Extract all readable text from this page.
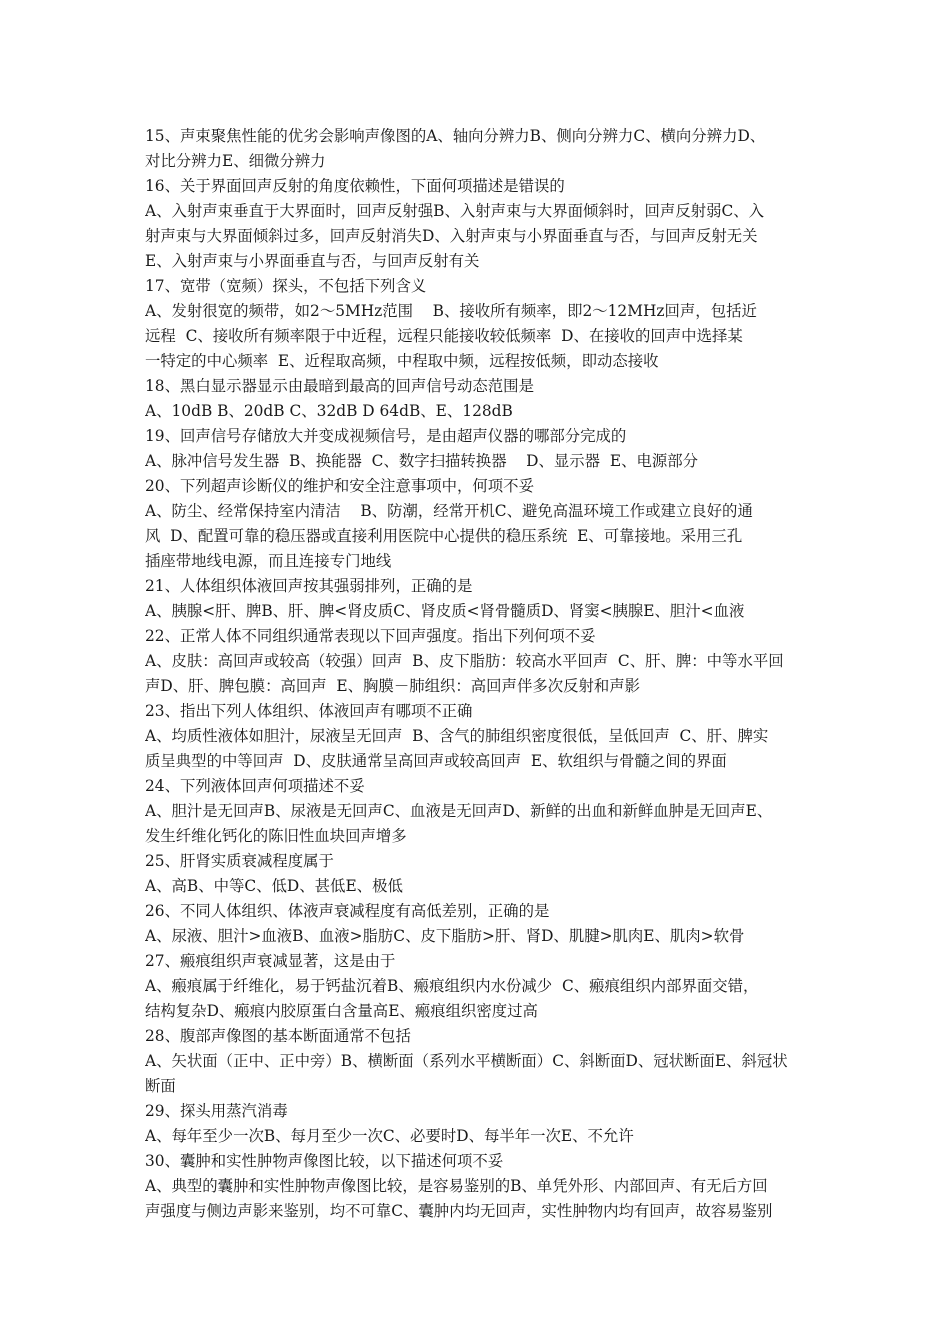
15、声束聚焦性能的优劣会影响声像图的A、轴向分辨力B、侧向分辨力C、横向分辨力D、
对比分辨力E、细微分辨力
16、关于界面回声反射的角度依赖性，下面何项描述是错误的
A、入射声束垂直于大界面时，回声反射强B、入射声束与大界面倾斜时，回声反射弱C、入
射声束与大界面倾斜过多，回声反射消失D、入射声束与小界面垂直与否，与回声反射无关
E、入射声束与小界面垂直与否，与回声反射有关
17、宽带（宽频）探头，不包括下列含义
A、发射很宽的频带，如2～5MHz范围    B、接收所有频率，即2～12MHz回声，包括近
远程  C、接收所有频率限于中近程，远程只能接收较低频率  D、在接收的回声中选择某
一特定的中心频率  E、近程取高频，中程取中频，远程按低频，即动态接收
18、黑白显示器显示由最暗到最高的回声信号动态范围是
A、10dB B、20dB C、32dB D 64dB、E、128dB
19、回声信号存储放大并变成视频信号，是由超声仪器的哪部分完成的
A、脉冲信号发生器  B、换能器  C、数字扫描转换器    D、显示器  E、电源部分
20、下列超声诊断仪的维护和安全注意事项中，何项不妥
A、防尘、经常保持室内清洁    B、防潮，经常开机C、避免高温环境工作或建立良好的通
风  D、配置可靠的稳压器或直接利用医院中心提供的稳压系统  E、可靠接地。采用三孔
插座带地线电源，而且连接专门地线
21、人体组织体液回声按其强弱排列，正确的是
A、胰腺<肝、脾B、肝、脾<肾皮质C、肾皮质<肾骨髓质D、肾窦<胰腺E、胆汁<血液
22、正常人体不同组织通常表现以下回声强度。指出下列何项不妥
A、皮肤：高回声或较高（较强）回声  B、皮下脂肪：较高水平回声  C、肝、脾：中等水平回
声D、肝、脾包膜：高回声  E、胸膜－肺组织：高回声伴多次反射和声影
23、指出下列人体组织、体液回声有哪项不正确
A、均质性液体如胆汁，尿液呈无回声  B、含气的肺组织密度很低，呈低回声  C、肝、脾实
质呈典型的中等回声  D、皮肤通常呈高回声或较高回声  E、软组织与骨髓之间的界面
24、下列液体回声何项描述不妥
A、胆汁是无回声B、尿液是无回声C、血液是无回声D、新鲜的出血和新鲜血肿是无回声E、
发生纤维化钙化的陈旧性血块回声增多
25、肝肾实质衰减程度属于
A、高B、中等C、低D、甚低E、极低
26、不同人体组织、体液声衰减程度有高低差别，正确的是
A、尿液、胆汁>血液B、血液>脂肪C、皮下脂肪>肝、肾D、肌腱>肌肉E、肌肉>软骨
27、瘢痕组织声衰减显著，这是由于
A、瘢痕属于纤维化，易于钙盐沉着B、瘢痕组织内水份减少  C、瘢痕组织内部界面交错，
结构复杂D、瘢痕内胶原蛋白含量高E、瘢痕组织密度过高
28、腹部声像图的基本断面通常不包括
A、矢状面（正中、正中旁）B、横断面（系列水平横断面）C、斜断面D、冠状断面E、斜冠状
断面
29、探头用蒸汽消毒
A、每年至少一次B、每月至少一次C、必要时D、每半年一次E、不允许
30、囊肿和实性肿物声像图比较，以下描述何项不妥
A、典型的囊肿和实性肿物声像图比较，是容易鉴别的B、单凭外形、内部回声、有无后方回
声强度与侧边声影来鉴别，均不可靠C、囊肿内均无回声，实性肿物内均有回声，故容易鉴别
